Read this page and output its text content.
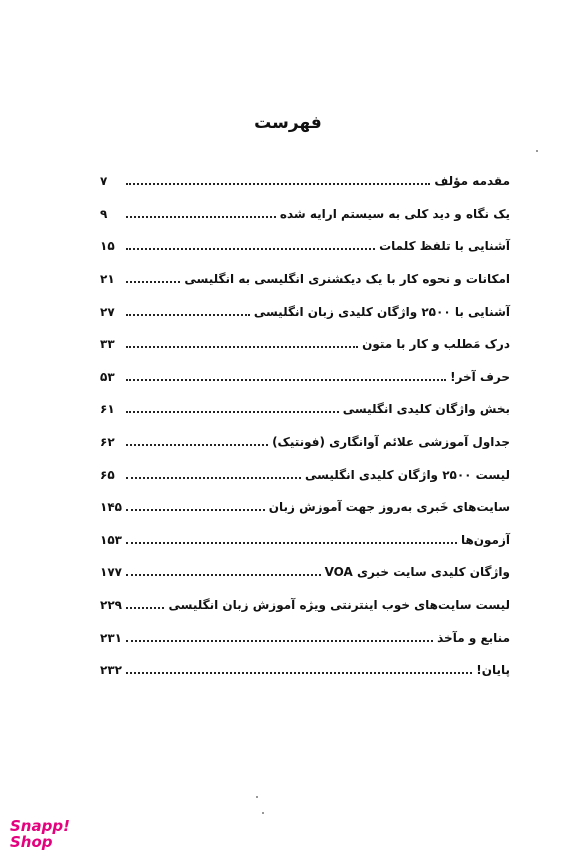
فهرست
مقدمه مؤلف
۷
یک نگاه و دید کلی به سیستم ارایه شده
۹
آشنایی با تلفظ کلمات
۱۵
امکانات و نحوه کار با یک دیکشنری انگلیسی به انگلیسی
۲۱
آشنایی با ۲۵۰۰ واژگان کلیدی زبان انگلیسی
۲۷
درک مَطلب و کار با متون
۳۳
حرف آخر!
۵۳
بخش واژگان کلیدی انگلیسی
۶۱
جداول آموزشی علائم آوانگاری (فونتیک)
۶۲
لیست ۲۵۰۰ واژگان کلیدی انگلیسی
۶۵
سایت‌های خَبری به‌روز جهت آموزش زبان
۱۴۵
آزمون‌ها
۱۵۳
واژگان کلیدی سایت خبری VOA
۱۷۷
لیست سایت‌های خوب اینترنتی ویژه آموزش زبان انگلیسی
۲۲۹
منابع و مآخذ
۲۳۱
پایان!
۲۳۲
Snapp!
Shop
